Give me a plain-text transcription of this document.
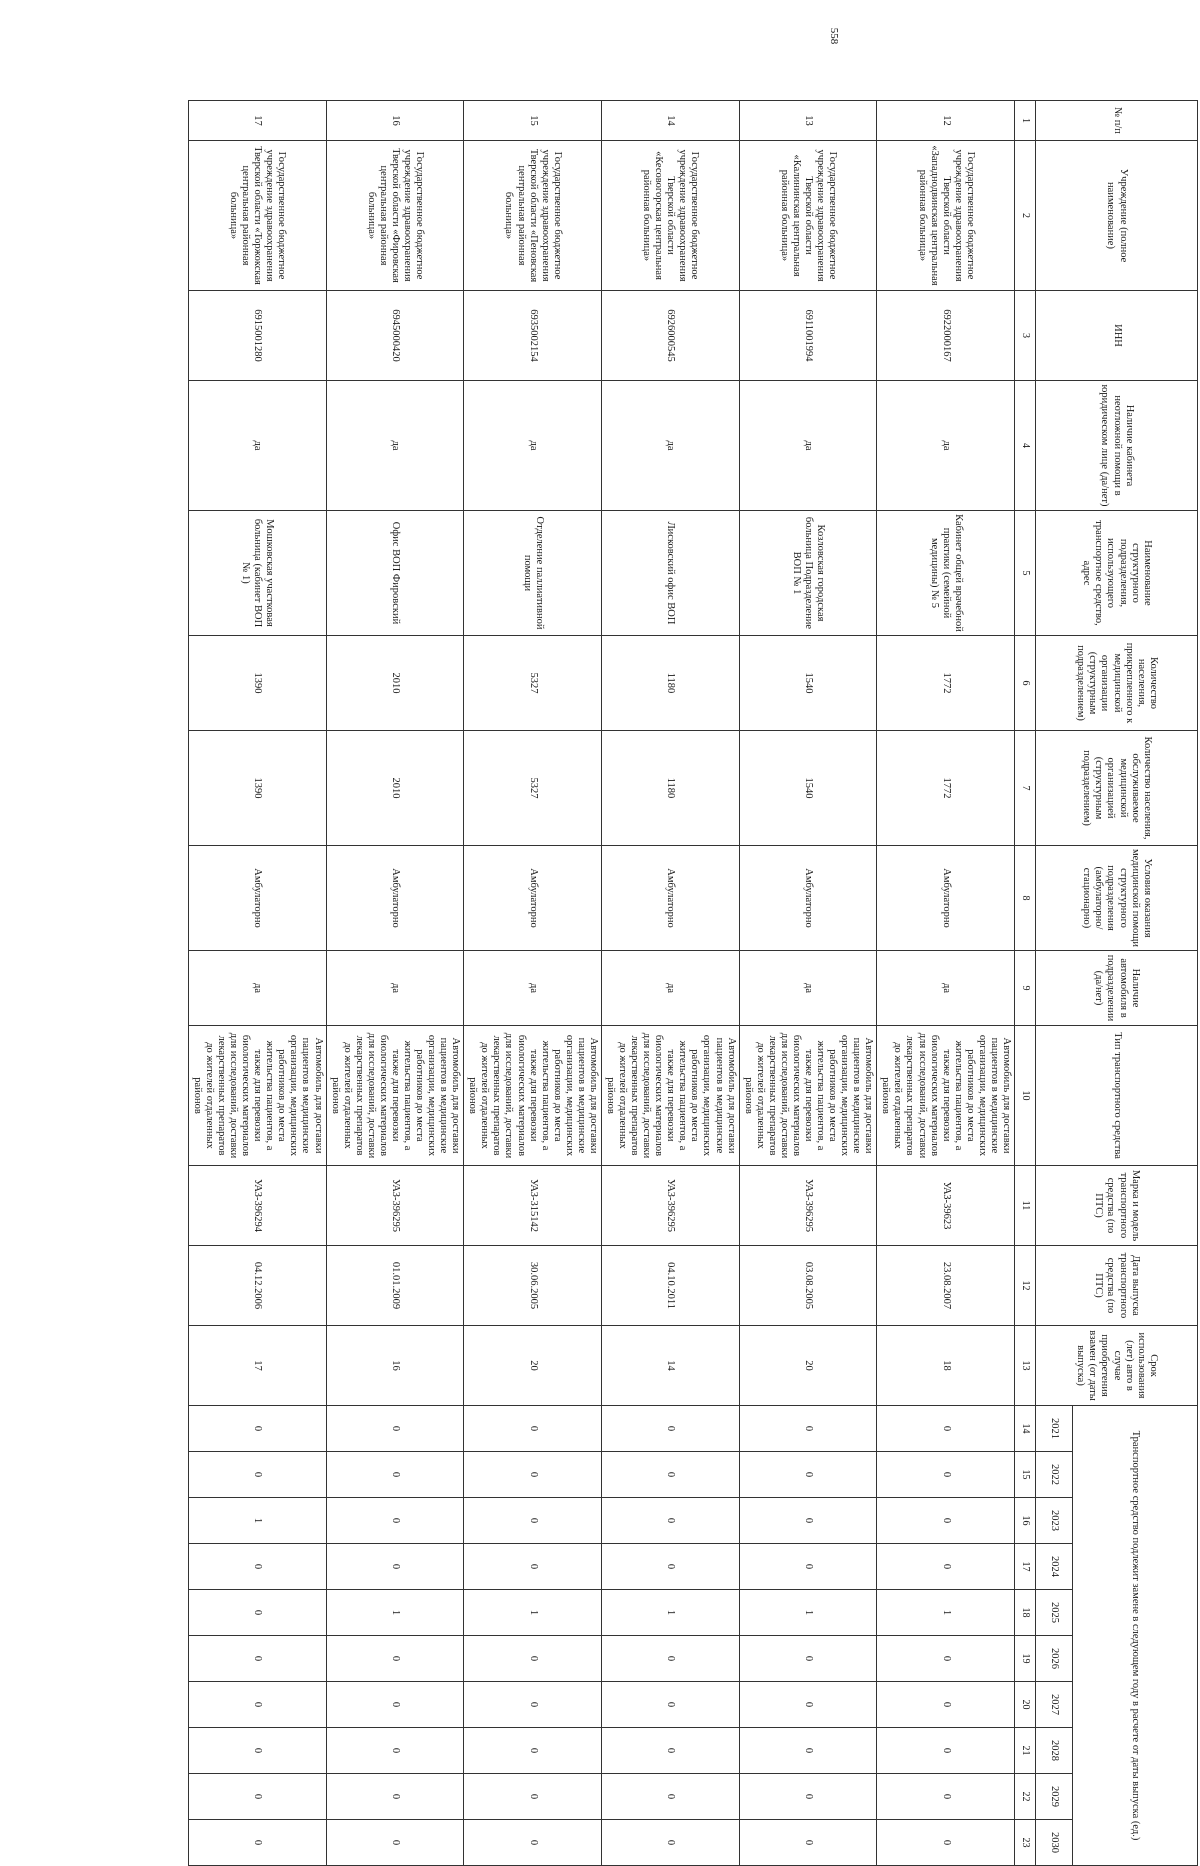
558
№ п/п	Учреждение (полное наименование)	ИНН	Наличие кабинета неотложной помощи в юридическом лице (да/нет)	Наименование структурного подразделения, использующего транспортное средство, адрес	Количество населения, прикрепленного к медицинской организации (структурным подразделением)	Количество населения, обслуживаемое медицинской организацией (структурным подразделением)	Условия оказания медицинской помощи структурного подразделения (амбулаторно/стационарно)	Наличие автомобиля в подразделении (да/нет)	Тип транспортного средства	Марка и модель транспортного средства (по ПТС)	Дата выпуска транспортного средства (по ПТС)	Срок использования (лет) авто в случае приобретения взамен (от даты выпуска)	Транспортное средство подлежит замене в следующем году в расчете от даты выпуска (ед.)									
													2021	2022	2023	2024	2025	2026	2027	2028	2029	2030
1	2	3	4	5	6	7	8	9	10	11	12	13	14	15	16	17	18	19	20	21	22	23
12	Государственное бюджетное учреждение здравоохранения Тверской области «Западнодвинская центральная районная больница»	6922000167	да	Кабинет общей врачебной практики (семейной медицины) № 5	1772	1772	Амбулаторно	да	Автомобиль для доставки пациентов в медицинские организации, медицинских работников до места жительства пациентов, а также для перевозки биологических материалов для исследований, доставки лекарственных препаратов до жителей отдаленных районов	УАЗ-39623	23.08.2007	18	0	0	0	0	1	0	0	0	0	0
13	Государственное бюджетное учреждение здравоохранения Тверской области «Калининская центральная районная больница»	6911001994	да	Козловская городская больница Подразделение ВОП № 1	1540	1540	Амбулаторно	да	Автомобиль для доставки пациентов в медицинские организации, медицинских работников до места жительства пациентов, а также для перевозки биологических материалов для исследований, доставки лекарственных препаратов до жителей отдаленных районов	УАЗ-396295	03.08.2005	20	0	0	0	0	1	0	0	0	0	0
14	Государственное бюджетное учреждение здравоохранения Тверской области «Кесовогорская центральная районная больница»	6926000545	да	Лисковский офис ВОП	1180	1180	Амбулаторно	да	Автомобиль для доставки пациентов в медицинские организации, медицинских работников до места жительства пациентов, а также для перевозки биологических материалов для исследований, доставки лекарственных препаратов до жителей отдаленных районов	УАЗ-396295	04.10.2011	14	0	0	0	0	1	0	0	0	0	0
15	Государственное бюджетное учреждение здравоохранения Тверской области «Пеновская центральная районная больница»	6935002154	да	Отделение паллиативной помощи	5327	5327	Амбулаторно	да	Автомобиль для доставки пациентов в медицинские организации, медицинских работников до места жительства пациентов, а также для перевозки биологических материалов для исследований, доставки лекарственных препаратов до жителей отдаленных районов	УАЗ-315142	30.06.2005	20	0	0	0	0	1	0	0	0	0	0
16	Государственное бюджетное учреждение здравоохранения Тверской области «Фировская центральная районная больница»	6945000420	да	Офис ВОП Фировский	2010	2010	Амбулаторно	да	Автомобиль для доставки пациентов в медицинские организации, медицинских работников до места жительства пациентов, а также для перевозки биологических материалов для исследований, доставки лекарственных препаратов до жителей отдаленных районов	УАЗ-396295	01.01.2009	16	0	0	0	0	1	0	0	0	0	0
17	Государственное бюджетное учреждение здравоохранения Тверской области «Торжокская центральная районная больница»	6915001280	да	Мошковская участковая больница (кабинет ВОП № 1)	1390	1390	Амбулаторно	да	Автомобиль для доставки пациентов в медицинские организации, медицинских работников до места жительства пациентов, а также для перевозки биологических материалов для исследований, доставки лекарственных препаратов до жителей отдаленных районов	УАЗ-396294	04.12.2006	17	0	0	1	0	0	0	0	0	0	0
